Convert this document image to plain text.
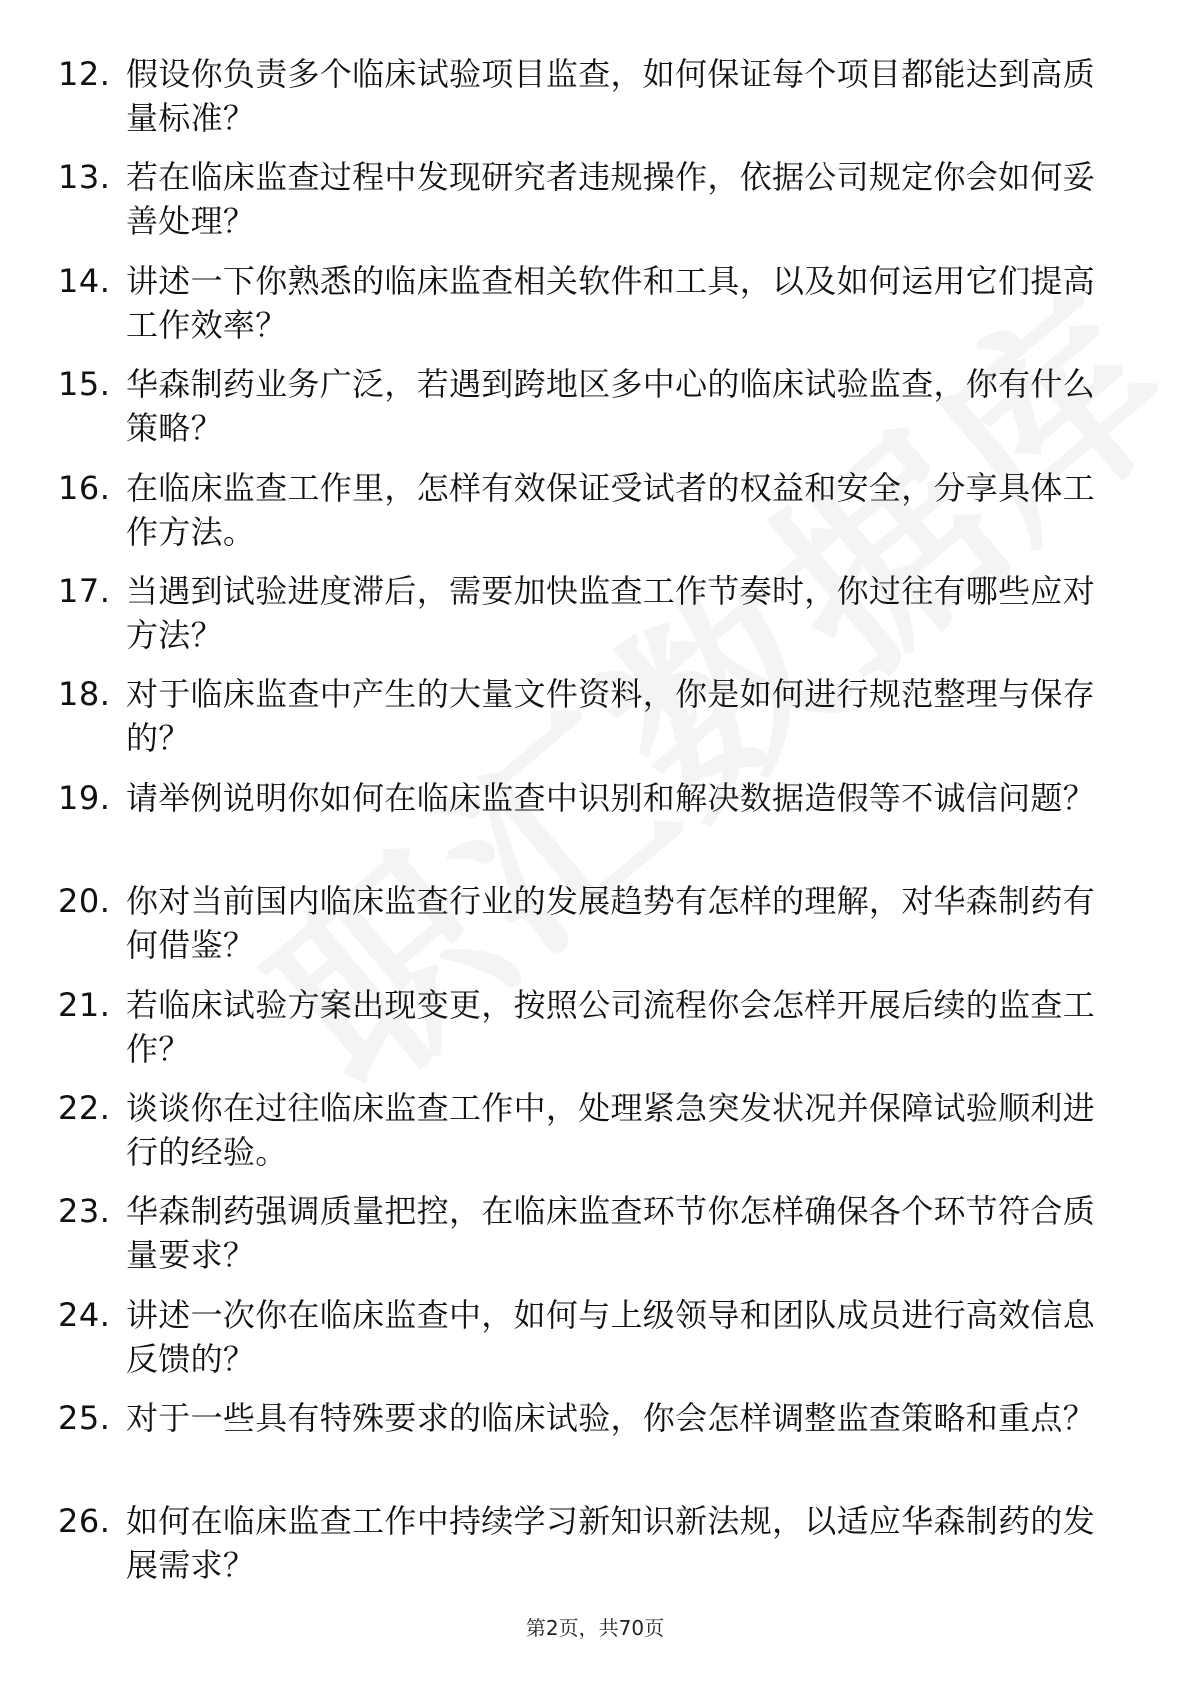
12. 假设你负责多个临床试验项目监查，如何保证每个项目都能达到高质量标准？
13. 若在临床监查过程中发现研究者违规操作，依据公司规定你会如何妥善处理？
14. 讲述一下你熟悉的临床监查相关软件和工具，以及如何运用它们提高工作效率？
15. 华森制药业务广泛，若遇到跨地区多中心的临床试验监查，你有什么策略？
16. 在临床监查工作里，怎样有效保证受试者的权益和安全，分享具体工作方法。
17. 当遇到试验进度滞后，需要加快监查工作节奏时，你过往有哪些应对方法？
18. 对于临床监查中产生的大量文件资料，你是如何进行规范整理与保存的？
19. 请举例说明你如何在临床监查中识别和解决数据造假等不诚信问题？
20. 你对当前国内临床监查行业的发展趋势有怎样的理解，对华森制药有何借鉴？
21. 若临床试验方案出现变更，按照公司流程你会怎样开展后续的监查工作？
22. 谈谈你在过往临床监查工作中，处理紧急突发状况并保障试验顺利进行的经验。
23. 华森制药强调质量把控，在临床监查环节你怎样确保各个环节符合质量要求？
24. 讲述一次你在临床监查中，如何与上级领导和团队成员进行高效信息反馈的？
25. 对于一些具有特殊要求的临床试验，你会怎样调整监查策略和重点？
26. 如何在临床监查工作中持续学习新知识新法规，以适应华森制药的发展需求？
第2页，共70页
